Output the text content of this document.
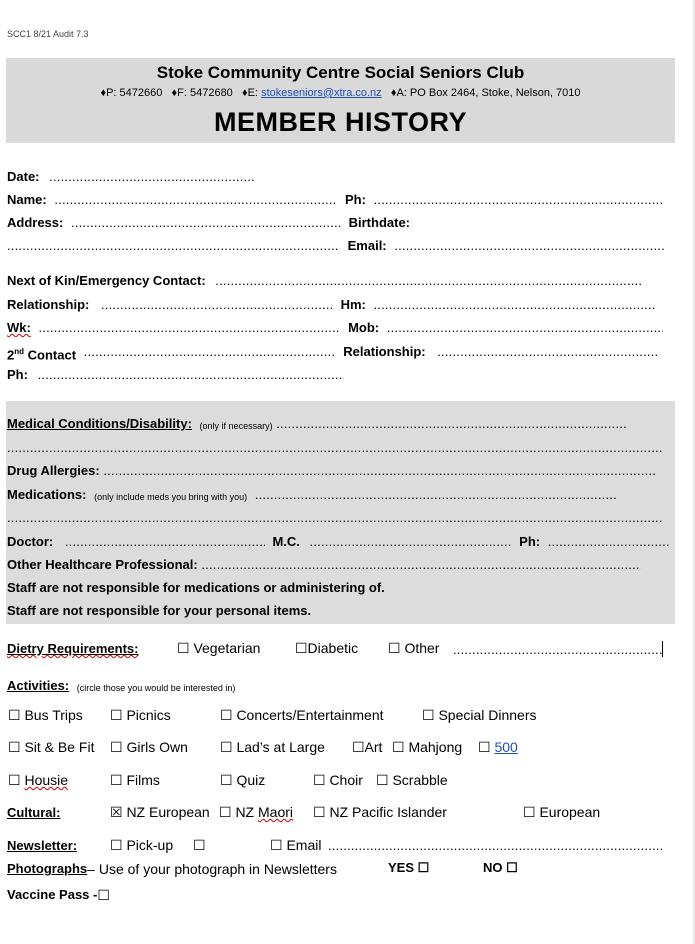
SCC1 8/21 Audit 7.3
Stoke Community Centre Social Seniors Club
♦P: 5472660 ♦F: 5472680 ♦E: stokeseniors@xtra.co.nz ♦A: PO Box 2464, Stoke, Nelson, 7010
MEMBER HISTORY
Date: .....
Name: .....	Ph: .....
Address: .....	Birthdate:
..... Email: .....
Next of Kin/Emergency Contact: .....
Relationship: .....	Hm: .....
Wk: .....	Mob: .....
2nd Contact .....	Relationship: .....
Ph: .....
Medical Conditions/Disability: (only if necessary) .....
.....
Drug Allergies: .....
Medications: (only include meds you bring with you) .....
.....
Doctor: .....	M.C. .....	Ph: .....
Other Healthcare Professional: .....
Staff are not responsible for medications or administering of.
Staff are not responsible for your personal items.
Dietry Requirements:	☐ Vegetarian ☐Diabetic ☐ Other
.....
Activities: (circle those you would be interested in)
☐ Bus Trips ☐ Picnics	☐ Concerts/Entertainment	☐ Special Dinners
☐ Sit & Be Fit ☐ Girls Own ☐ Lad’s at Large ☐Art ☐ Mahjong ☐ 500
☐ Housie	☐ Films	☐ Quiz	☐ Choir ☐ Scrabble
Cultural:	☒ NZ European ☐ NZ Maori ☐ NZ Pacific Islander	☐ European
Newsletter: ☐ Pick-up ☐	☐ Email
.....
Photographs– Use of your photograph in Newsletters	YES ☐	NO ☐
Vaccine Pass -☐
